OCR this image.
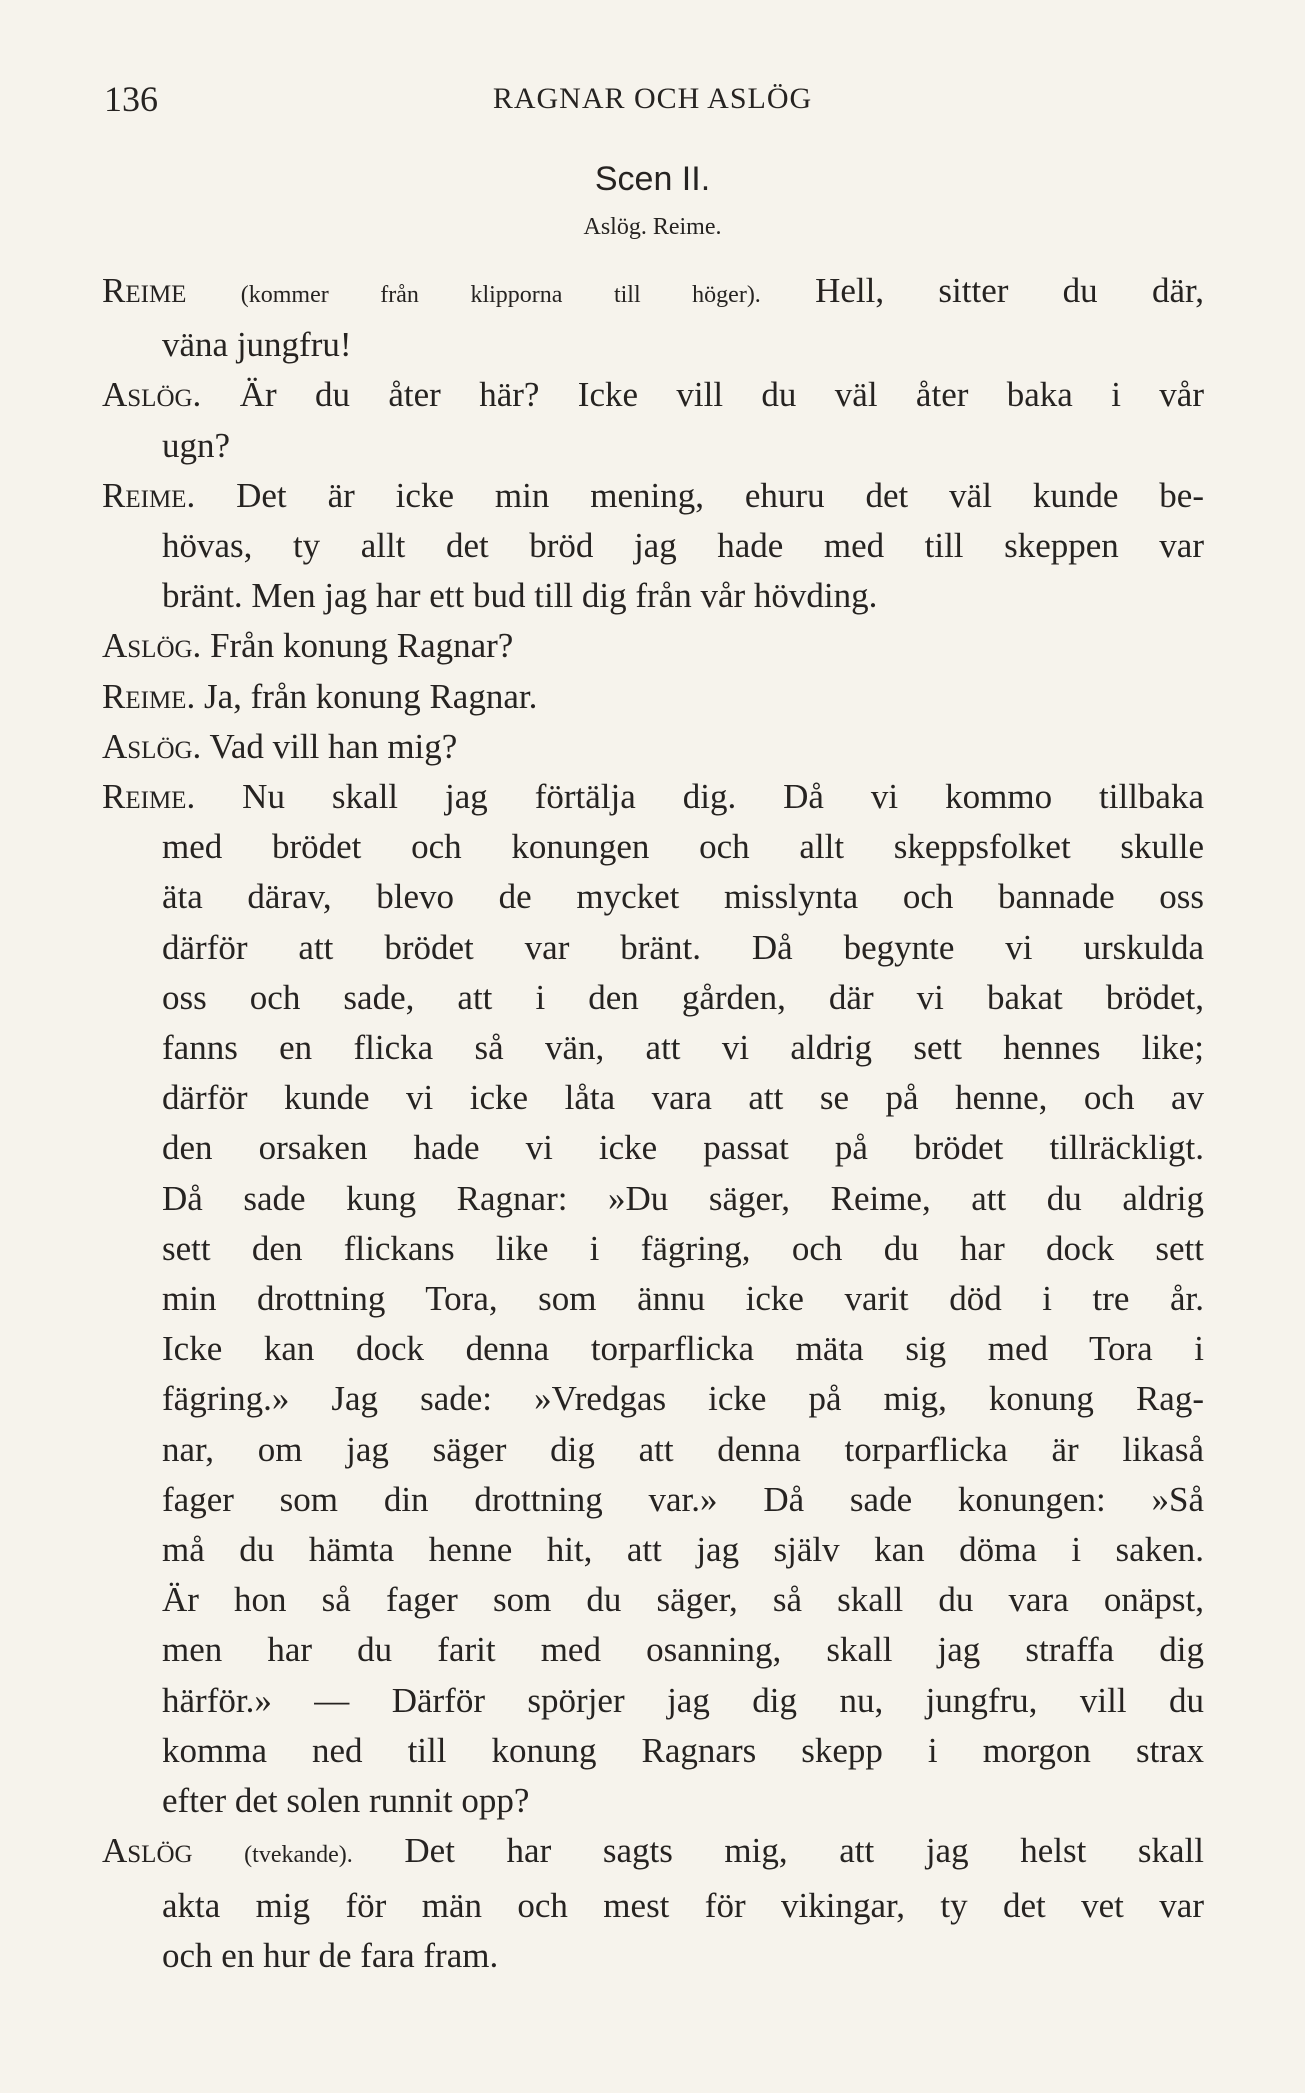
136	RAGNAR OCH ASLÖG
Scen II.
Aslög. Reime.
Reime (kommer från klipporna till höger). Hell, sitter du där,
väna jungfru!
Aslög. Är du åter här? Icke vill du väl åter baka i vår
ugn?
Reime. Det är icke min mening, ehuru det väl kunde be-
hövas, ty allt det bröd jag hade med till skeppen var
bränt. Men jag har ett bud till dig från vår hövding.
Aslög. Från konung Ragnar?
Reime. Ja, från konung Ragnar.
Aslög. Vad vill han mig?
Reime. Nu skall jag förtälja dig. Då vi kommo tillbaka
med brödet och konungen och allt skeppsfolket skulle
äta därav, blevo de mycket misslynta och bannade oss
därför att brödet var bränt. Då begynte vi urskulda
oss och sade, att i den gården, där vi bakat brödet,
fanns en flicka så vän, att vi aldrig sett hennes like;
därför kunde vi icke låta vara att se på henne, och av
den orsaken hade vi icke passat på brödet tillräckligt.
Då sade kung Ragnar: »Du säger, Reime, att du aldrig
sett den flickans like i fägring, och du har dock sett
min drottning Tora, som ännu icke varit död i tre år.
Icke kan dock denna torparflicka mäta sig med Tora i
fägring.» Jag sade: »Vredgas icke på mig, konung Rag-
nar, om jag säger dig att denna torparflicka är likaså
fager som din drottning var.» Då sade konungen: »Så
må du hämta henne hit, att jag själv kan döma i saken.
Är hon så fager som du säger, så skall du vara onäpst,
men har du farit med osanning, skall jag straffa dig
härför.» — Därför spörjer jag dig nu, jungfru, vill du
komma ned till konung Ragnars skepp i morgon strax
efter det solen runnit opp?
Aslög (tvekande). Det har sagts mig, att jag helst skall
akta mig för män och mest för vikingar, ty det vet var
och en hur de fara fram.
